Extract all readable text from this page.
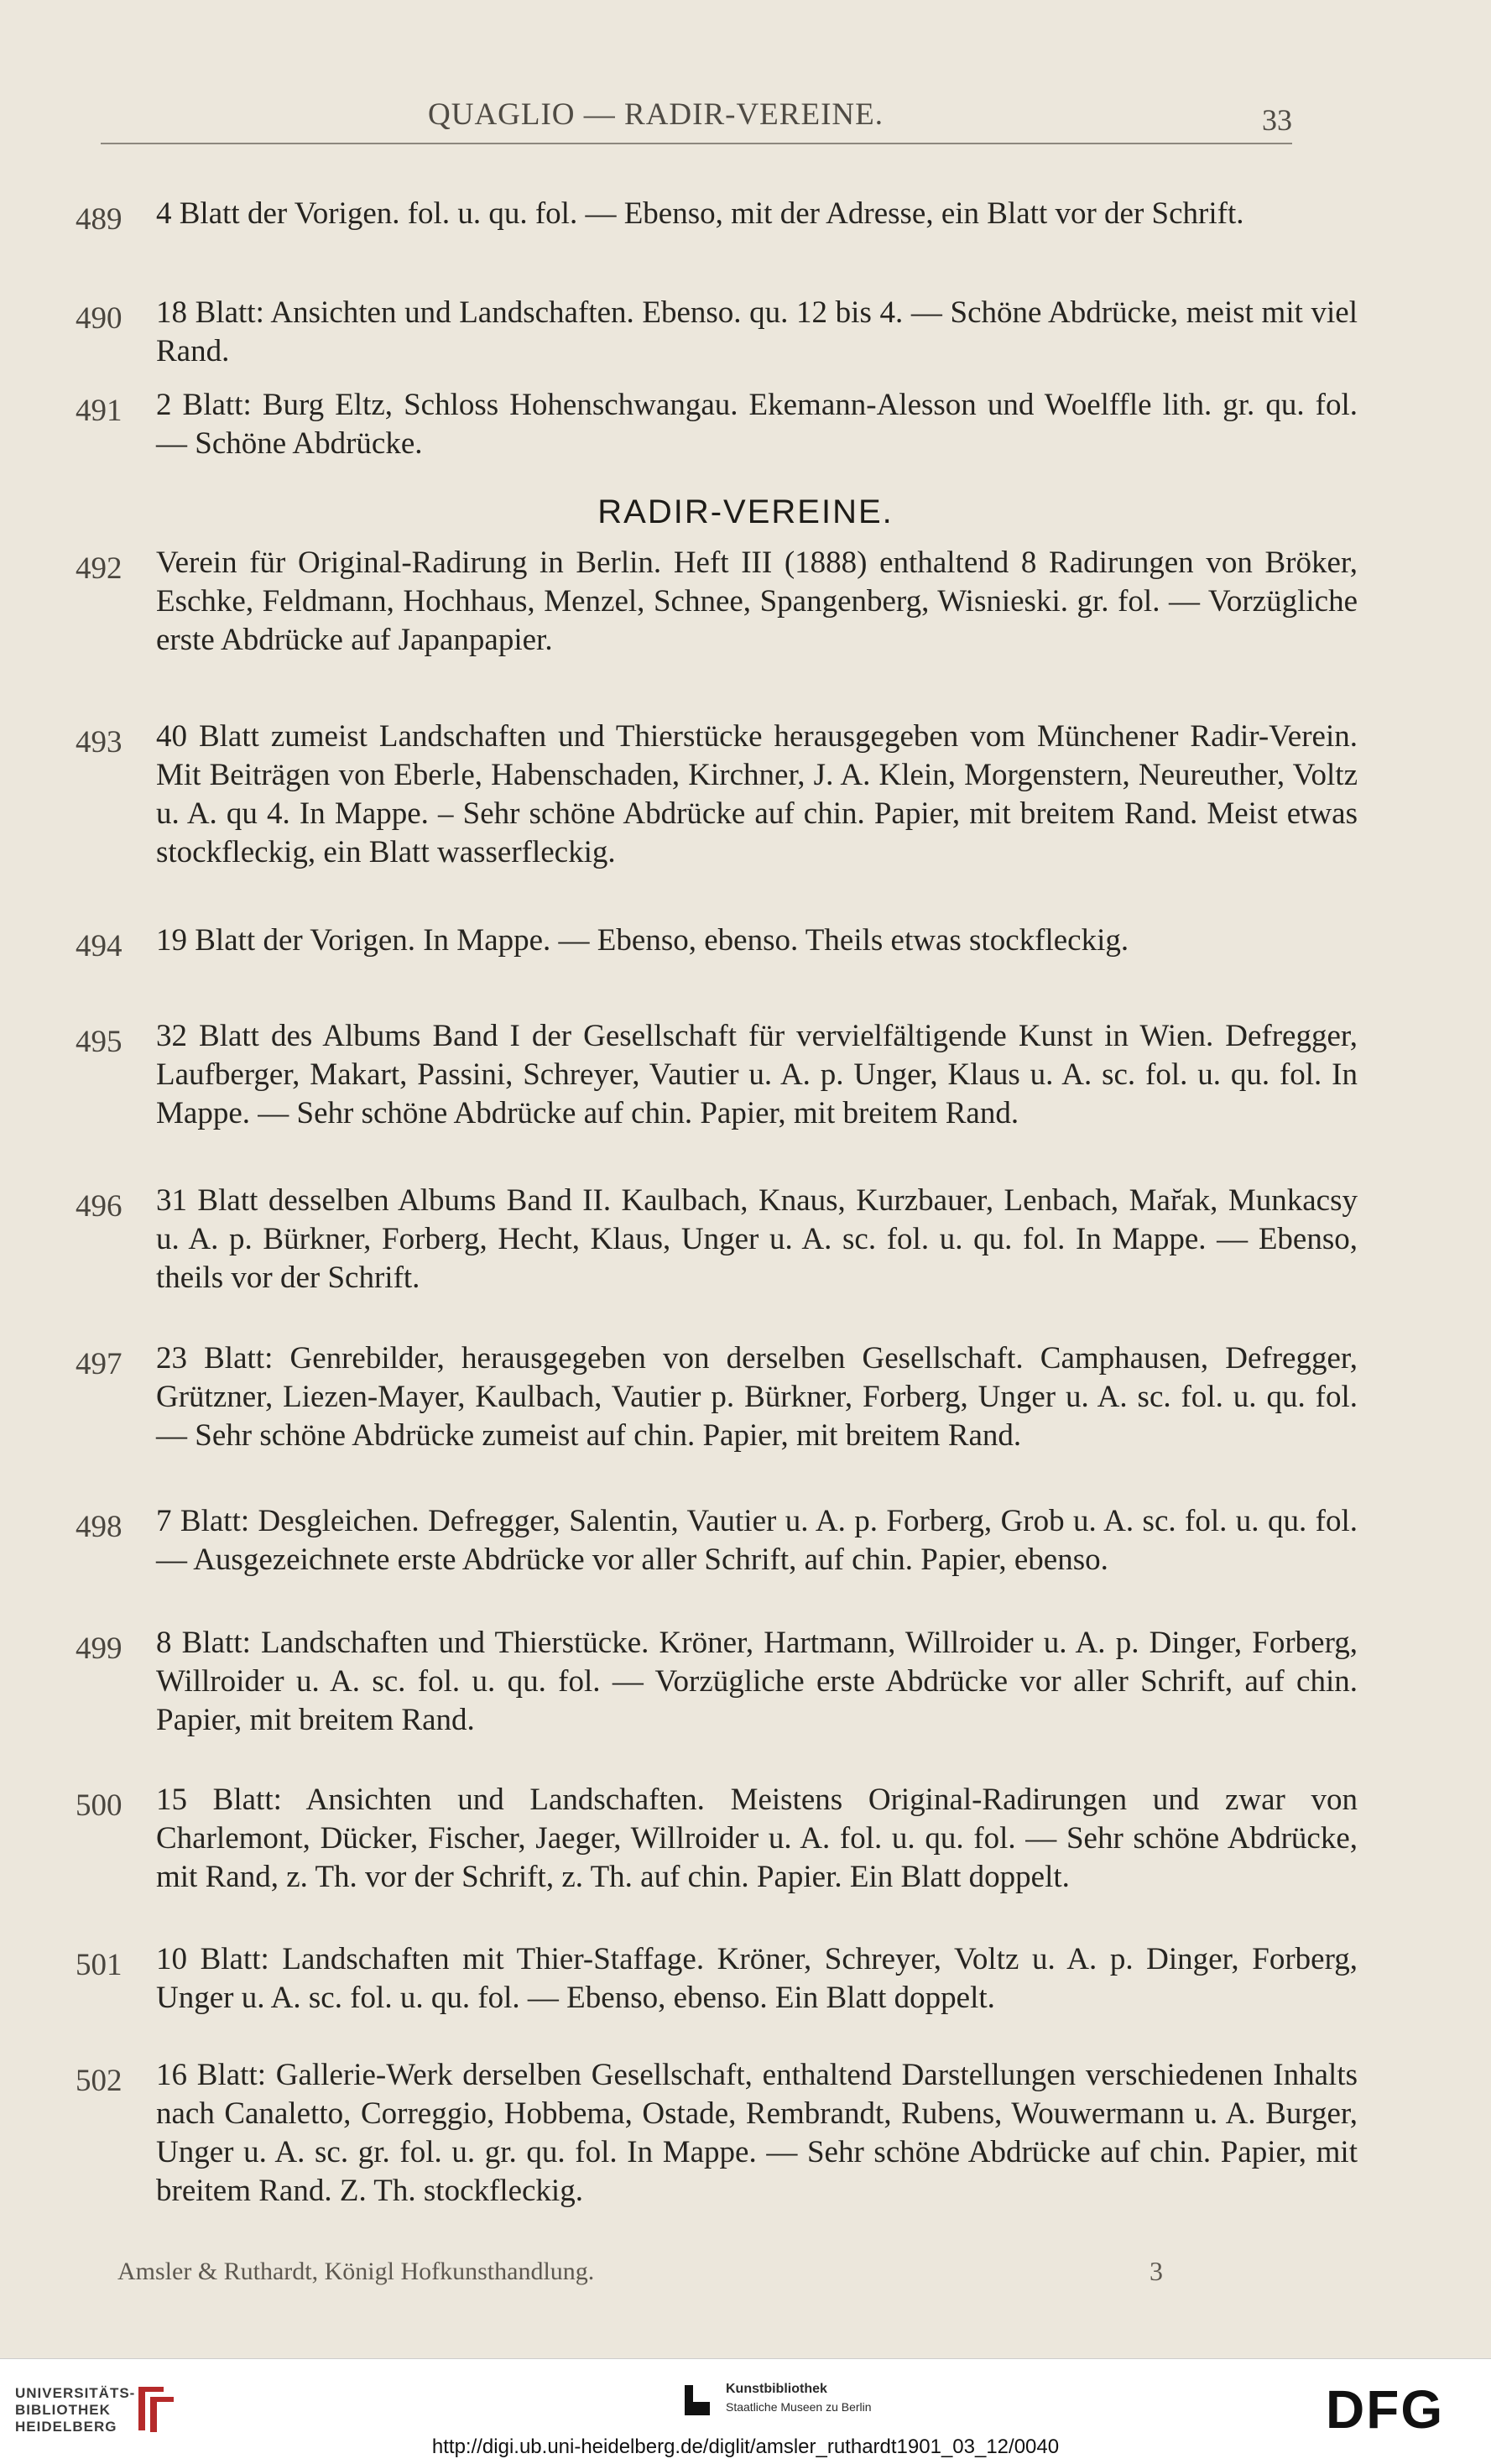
QUAGLIO — RADIR-VEREINE.	33
489 4 Blatt der Vorigen. fol. u. qu. fol. — Ebenso, mit der Adresse, ein Blatt vor der Schrift.
490 18 Blatt: Ansichten und Landschaften. Ebenso. qu. 12 bis 4. — Schöne Abdrücke, meist mit viel Rand.
491 2 Blatt: Burg Eltz, Schloss Hohenschwangau. Ekemann-Alesson und Woelffle lith. gr. qu. fol. — Schöne Abdrücke.
RADIR-VEREINE.
492 Verein für Original-Radirung in Berlin. Heft III (1888) enthaltend 8 Radirungen von Bröker, Eschke, Feldmann, Hochhaus, Menzel, Schnee, Spangenberg, Wisnieski. gr. fol. — Vorzügliche erste Abdrücke auf Japanpapier.
493 40 Blatt zumeist Landschaften und Thierstücke herausgegeben vom Münchener Radir-Verein. Mit Beiträgen von Eberle, Habenschaden, Kirchner, J. A. Klein, Morgenstern, Neureuther, Voltz u. A. qu 4. In Mappe. – Sehr schöne Abdrücke auf chin. Papier, mit breitem Rand. Meist etwas stockfleckig, ein Blatt wasserfleckig.
494 19 Blatt der Vorigen. In Mappe. — Ebenso, ebenso. Theils etwas stockfleckig.
495 32 Blatt des Albums Band I der Gesellschaft für vervielfältigende Kunst in Wien. Defregger, Laufberger, Makart, Passini, Schreyer, Vautier u. A. p. Unger, Klaus u. A. sc. fol. u. qu. fol. In Mappe. — Sehr schöne Abdrücke auf chin. Papier, mit breitem Rand.
496 31 Blatt desselben Albums Band II. Kaulbach, Knaus, Kurzbauer, Lenbach, Mar̆ak, Munkacsy u. A. p. Bürkner, Forberg, Hecht, Klaus, Unger u. A. sc. fol. u. qu. fol. In Mappe. — Ebenso, theils vor der Schrift.
497 23 Blatt: Genrebilder, herausgegeben von derselben Gesellschaft. Camphausen, Defregger, Grützner, Liezen-Mayer, Kaulbach, Vautier p. Bürkner, Forberg, Unger u. A. sc. fol. u. qu. fol. — Sehr schöne Abdrücke zumeist auf chin. Papier, mit breitem Rand.
498 7 Blatt: Desgleichen. Defregger, Salentin, Vautier u. A. p. Forberg, Grob u. A. sc. fol. u. qu. fol. — Ausgezeichnete erste Abdrücke vor aller Schrift, auf chin. Papier, ebenso.
499 8 Blatt: Landschaften und Thierstücke. Kröner, Hartmann, Willroider u. A. p. Dinger, Forberg, Willroider u. A. sc. fol. u. qu. fol. — Vorzügliche erste Abdrücke vor aller Schrift, auf chin. Papier, mit breitem Rand.
500 15 Blatt: Ansichten und Landschaften. Meistens Original-Radirungen und zwar von Charlemont, Dücker, Fischer, Jaeger, Willroider u. A. fol. u. qu. fol. — Sehr schöne Abdrücke, mit Rand, z. Th. vor der Schrift, z. Th. auf chin. Papier. Ein Blatt doppelt.
501 10 Blatt: Landschaften mit Thier-Staffage. Kröner, Schreyer, Voltz u. A. p. Dinger, Forberg, Unger u. A. sc. fol. u. qu. fol. — Ebenso, ebenso. Ein Blatt doppelt.
502 16 Blatt: Gallerie-Werk derselben Gesellschaft, enthaltend Darstellungen verschiedenen Inhalts nach Canaletto, Correggio, Hobbema, Ostade, Rembrandt, Rubens, Wouwermann u. A. Burger, Unger u. A. sc. gr. fol. u. gr. qu. fol. In Mappe. — Sehr schöne Abdrücke auf chin. Papier, mit breitem Rand. Z. Th. stockfleckig.
Amsler & Ruthardt, Königl Hofkunsthandlung.	3
UNIVERSITÄTS-
BIBLIOTHEK
HEIDELBERG
Kunstbibliothek
Staatliche Museen zu Berlin	DFG
http://digi.ub.uni-heidelberg.de/diglit/amsler_ruthardt1901_03_12/0040
